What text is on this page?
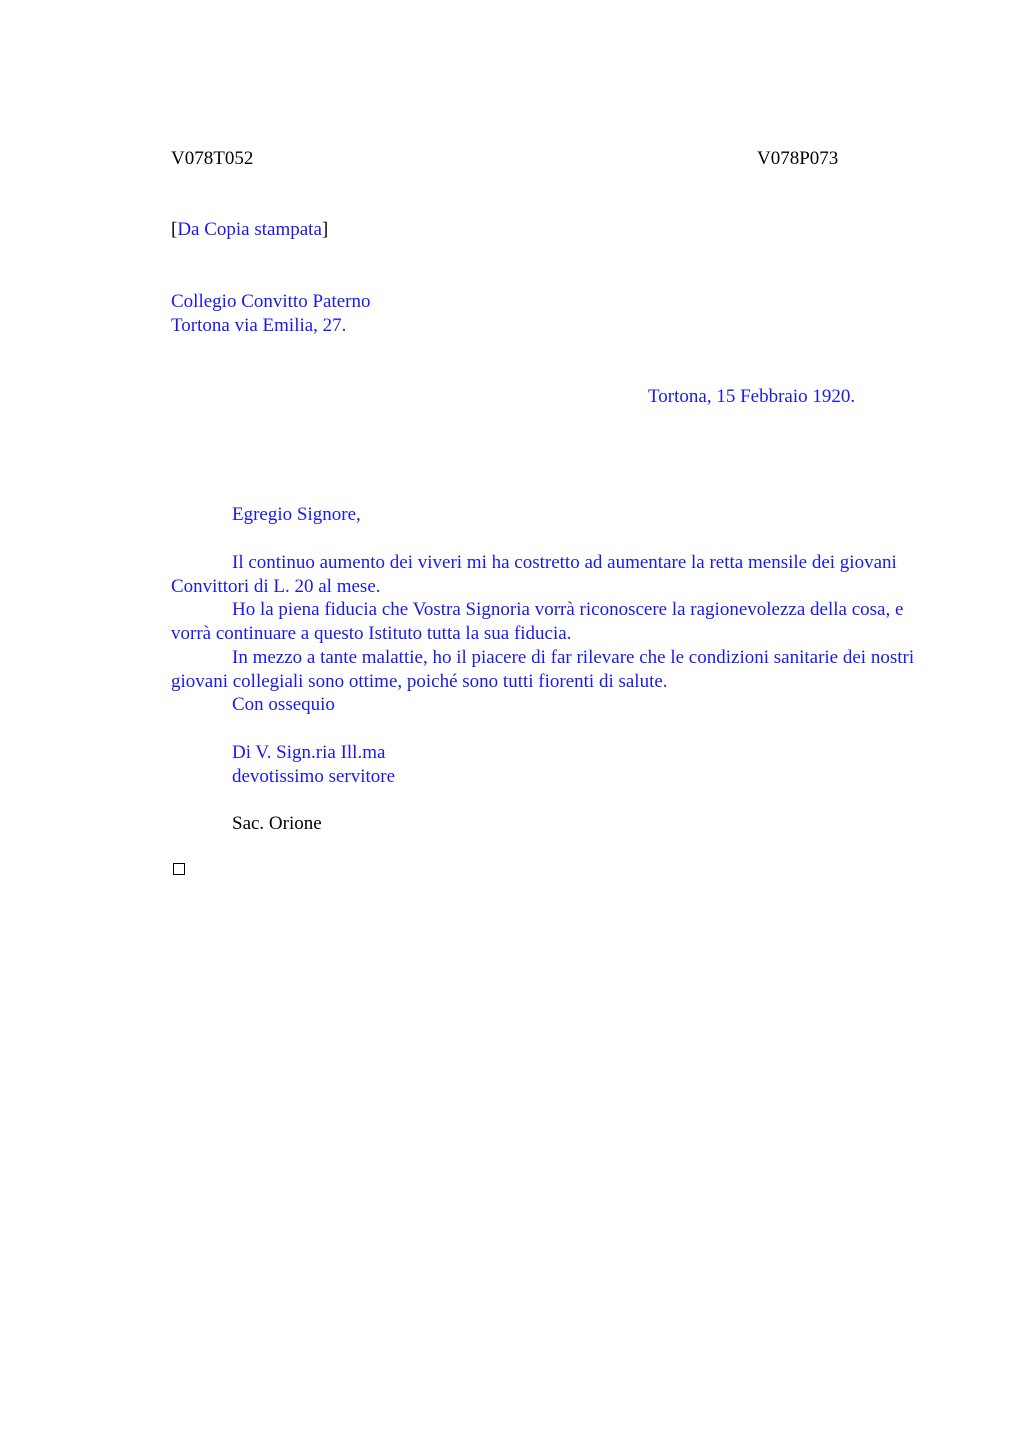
V078T052	V078P073
[Da Copia stampata]
Collegio Convitto Paterno
Tortona via Emilia, 27.
Tortona, 15 Febbraio 1920.
Egregio Signore,
Il continuo aumento dei viveri mi ha costretto ad aumentare la retta mensile dei giovani Convittori di L. 20 al mese.
Ho la piena fiducia che Vostra Signoria vorrà riconoscere la ragionevolezza della cosa, e vorrà continuare a questo Istituto tutta la sua fiducia.
In mezzo a tante malattie, ho il piacere di far rilevare che le condizioni sanitarie dei nostri giovani collegiali sono ottime, poiché sono tutti fiorenti di salute.
Con ossequio
Di V. Sign.ria Ill.ma
devotissimo servitore
Sac. Orione
